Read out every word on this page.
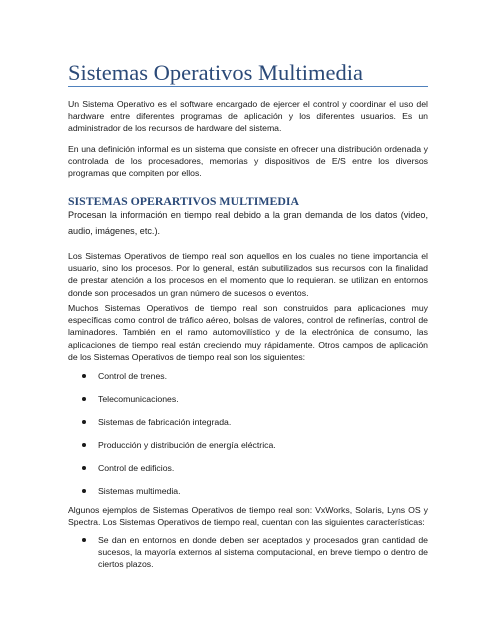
Sistemas Operativos Multimedia

Un Sistema Operativo es el software encargado de ejercer el control y coordinar el uso del hardware entre diferentes programas de aplicación y los diferentes usuarios. Es un administrador de los recursos de hardware del sistema.

En una definición informal es un sistema que consiste en ofrecer una distribución ordenada y controlada de los procesadores, memorias y dispositivos de E/S entre los diversos programas que compiten por ellos.

SISTEMAS OPERARTIVOS MULTIMEDIA

Procesan la información en tiempo real debido a la gran demanda de los datos (video, audio, imágenes, etc.).

Los Sistemas Operativos de tiempo real son aquellos en los cuales no tiene importancia el usuario, sino los procesos. Por lo general, están subutilizados sus recursos con la finalidad de prestar atención a los procesos en el momento que lo requieran. se utilizan en entornos donde son procesados un gran número de sucesos o eventos.

Muchos Sistemas Operativos de tiempo real son construidos para aplicaciones muy específicas como control de tráfico aéreo, bolsas de valores, control de refinerías, control de laminadores. También en el ramo automovilístico y de la electrónica de consumo, las aplicaciones de tiempo real están creciendo muy rápidamente. Otros campos de aplicación de los Sistemas Operativos de tiempo real son los siguientes:

Control de trenes.
Telecomunicaciones.
Sistemas de fabricación integrada.
Producción y distribución de energía eléctrica.
Control de edificios.
Sistemas multimedia.

Algunos ejemplos de Sistemas Operativos de tiempo real son: VxWorks, Solaris, Lyns OS y Spectra. Los Sistemas Operativos de tiempo real, cuentan con las siguientes características:

Se dan en entornos en donde deben ser aceptados y procesados gran cantidad de sucesos, la mayoría externos al sistema computacional, en breve tiempo o dentro de ciertos plazos.
